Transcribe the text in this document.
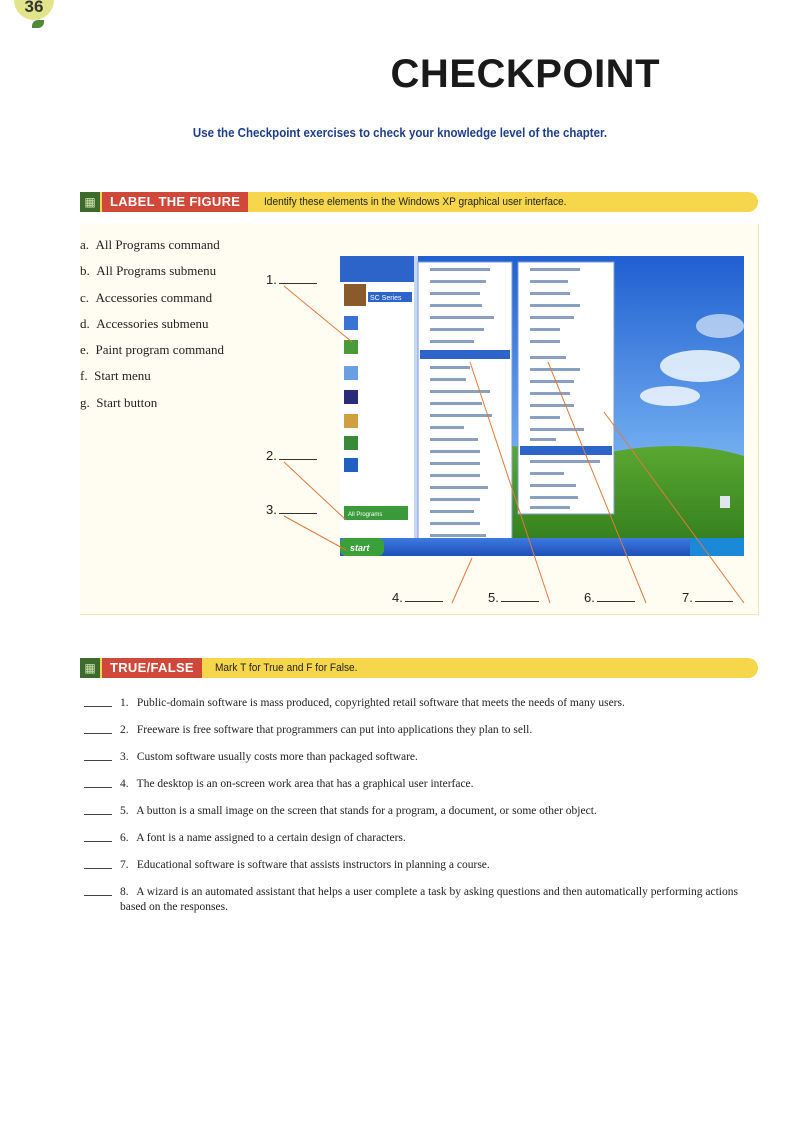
36
CHECKPOINT
Use the Checkpoint exercises to check your knowledge level of the chapter.
▦	LABEL THE FIGURE	Identify these elements in the Windows XP graphical user interface.
a. All Programs command
b. All Programs submenu
c. Accessories command
d. Accessories submenu
e. Paint program command
f. Start menu
g. Start button
SC Series
All Programs
start
1.
2.
3.
4.	5.	6.	7.
▦	TRUE/FALSE	Mark T for True and F for False.
1. Public-domain software is mass produced, copyrighted retail software that meets the needs of many users.
2. Freeware is free software that programmers can put into applications they plan to sell.
3. Custom software usually costs more than packaged software.
4. The desktop is an on-screen work area that has a graphical user interface.
5. A button is a small image on the screen that stands for a program, a document, or some other object.
6. A font is a name assigned to a certain design of characters.
7. Educational software is software that assists instructors in planning a course.
8. A wizard is an automated assistant that helps a user complete a task by asking questions and then automatically performing actions based on the responses.
